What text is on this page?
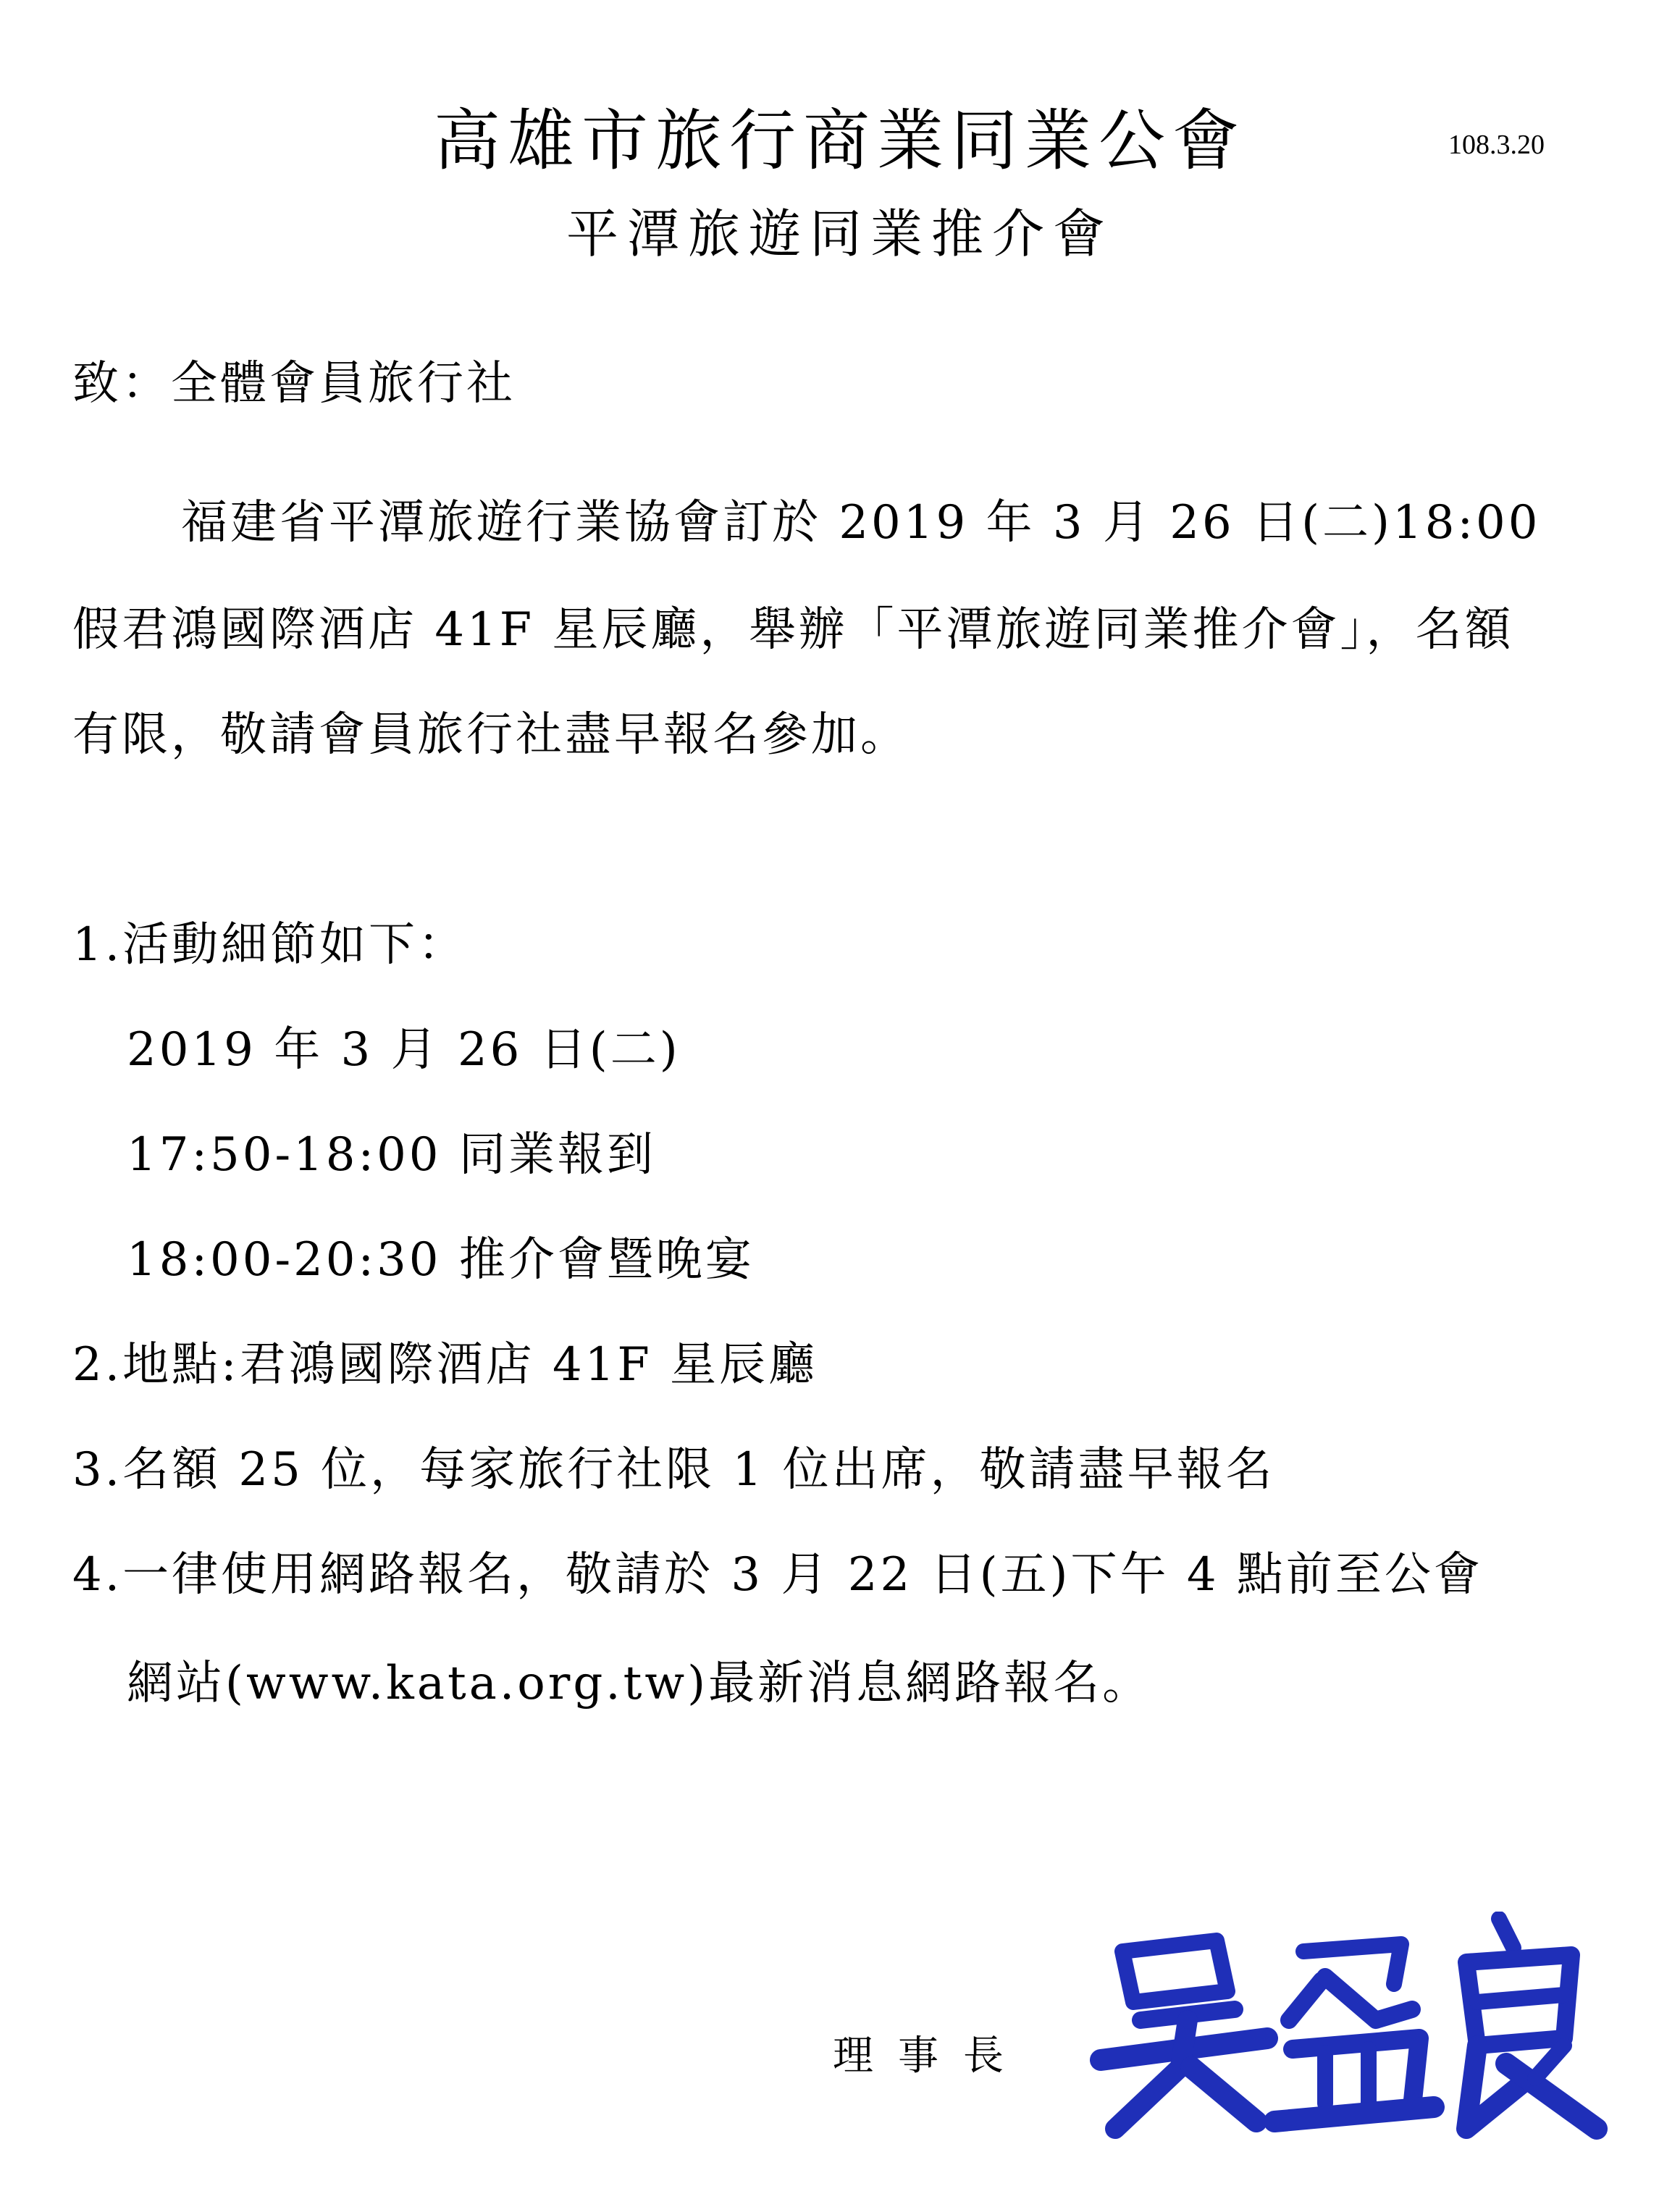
高雄市旅行商業同業公會	108.3.20
平潭旅遊同業推介會
致：全體會員旅行社
福建省平潭旅遊行業協會訂於 2019 年 3 月 26 日(二)18:00
假君鴻國際酒店 41F 星辰廳，舉辦「平潭旅遊同業推介會」，名額
有限，敬請會員旅行社盡早報名參加。
1.活動細節如下：
2019 年 3 月 26 日(二)
17:50-18:00 同業報到
18:00-20:30 推介會暨晚宴
2.地點:君鴻國際酒店 41F 星辰廳
3.名額 25 位，每家旅行社限 1 位出席，敬請盡早報名
4.一律使用網路報名，敬請於 3 月 22 日(五)下午 4 點前至公會
網站(www.kata.org.tw)最新消息網路報名。
理事長
